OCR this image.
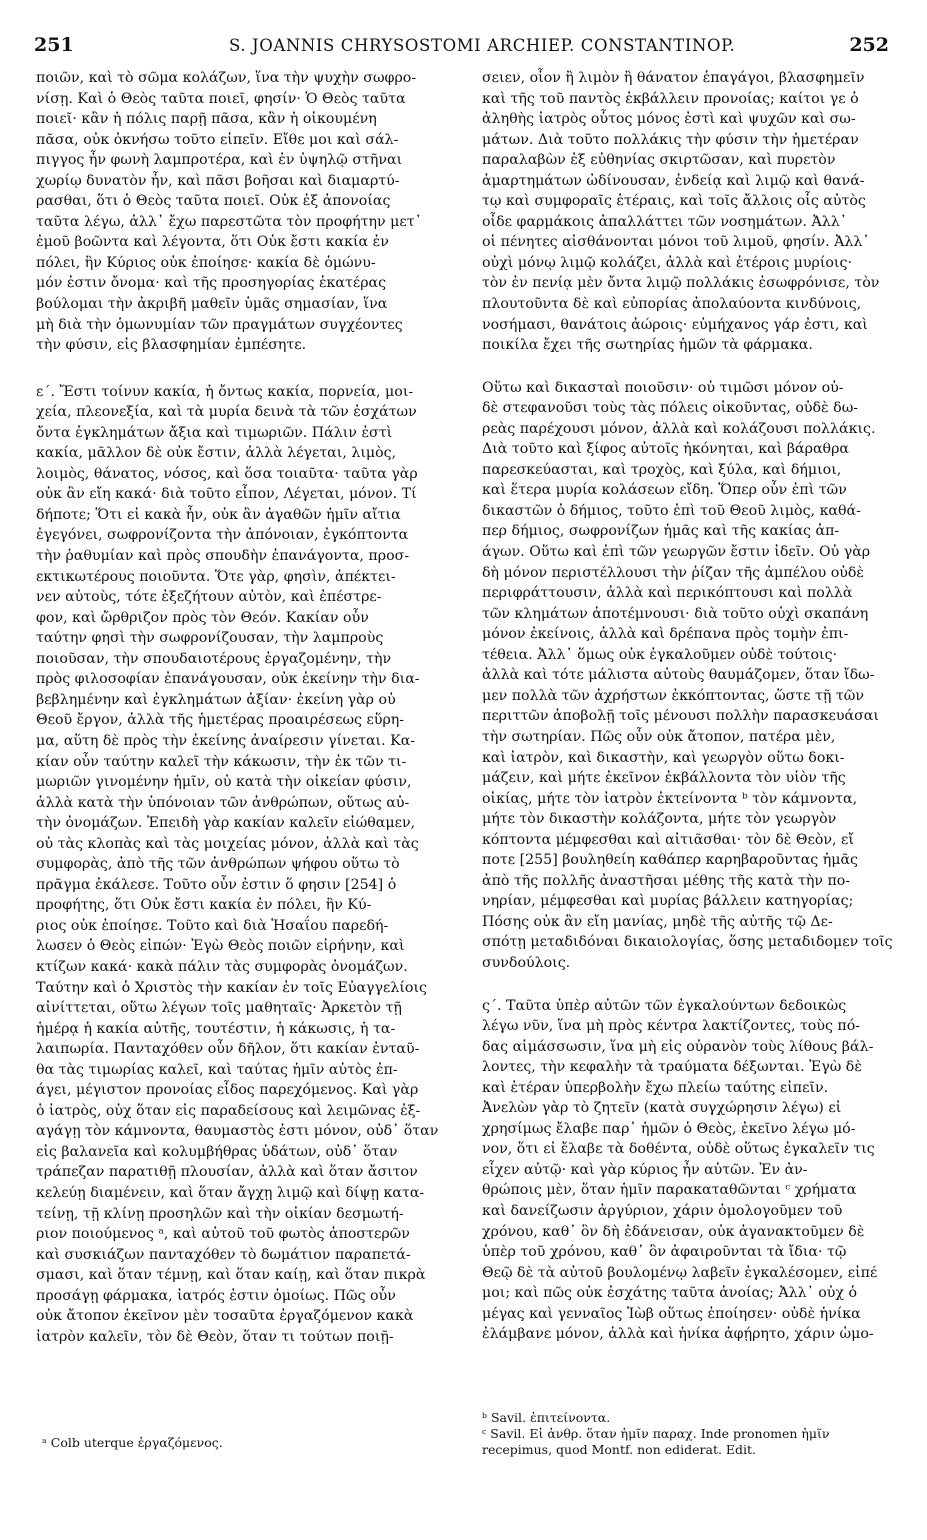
251	S. JOANNIS CHRYSOSTOMI ARCHIEP. CONSTANTINOP.	252

ποιῶν, καὶ τὸ σῶμα κολάζων, ἵνα τὴν ψυχὴν σωφρο-
νίσῃ. Καὶ ὁ Θεὸς ταῦτα ποιεῖ, φησίν· Ὁ Θεὸς ταῦτα
ποιεῖ· κἂν ἡ πόλις παρῇ πᾶσα, κἂν ἡ οἰκουμένη
πᾶσα, οὐκ ὀκνήσω τοῦτο εἰπεῖν. Εἴθε μοι καὶ σάλ-
πιγγος ἦν φωνὴ λαμπροτέρα, καὶ ἐν ὑψηλῷ στῆναι
χωρίῳ δυνατὸν ἦν, καὶ πᾶσι βοῆσαι καὶ διαμαρτύ-
ρασθαι, ὅτι ὁ Θεὸς ταῦτα ποιεῖ. Οὐκ ἐξ ἀπονοίας
ταῦτα λέγω, ἀλλ᾽ ἔχω παρεστῶτα τὸν προφήτην μετ᾽
ἐμοῦ βοῶντα καὶ λέγοντα, ὅτι Οὐκ ἔστι κακία ἐν
πόλει, ἣν Κύριος οὐκ ἐποίησε· κακία δὲ ὁμώνυ-
μόν ἐστιν ὄνομα· καὶ τῆς προσηγορίας ἑκατέρας
βούλομαι τὴν ἀκριβῆ μαθεῖν ὑμᾶς σημασίαν, ἵνα
μὴ διὰ τὴν ὁμωνυμίαν τῶν πραγμάτων συγχέοντες
τὴν φύσιν, εἰς βλασφημίαν ἐμπέσητε.

ε΄. Ἔστι τοίνυν κακία, ἡ ὄντως κακία, πορνεία, μοι-
χεία, πλεονεξία, καὶ τὰ μυρία δεινὰ τὰ τῶν ἐσχάτων
ὄντα ἐγκλημάτων ἄξια καὶ τιμωριῶν. Πάλιν ἐστὶ
κακία, μᾶλλον δὲ οὐκ ἔστιν, ἀλλὰ λέγεται, λιμὸς,
λοιμὸς, θάνατος, νόσος, καὶ ὅσα τοιαῦτα· ταῦτα γὰρ
οὐκ ἂν εἴη κακά· διὰ τοῦτο εἶπον, Λέγεται, μόνον. Τί
δήποτε; Ὅτι εἰ κακὰ ἦν, οὐκ ἂν ἀγαθῶν ἡμῖν αἴτια
ἐγεγόνει, σωφρονίζοντα τὴν ἀπόνοιαν, ἐγκόπτοντα
τὴν ῥαθυμίαν καὶ πρὸς σπουδὴν ἐπανάγοντα, προσ-
εκτικωτέρους ποιοῦντα. Ὅτε γὰρ, φησὶν, ἀπέκτει-
νεν αὐτοὺς, τότε ἐξεζήτουν αὐτὸν, καὶ ἐπέστρε-
φον, καὶ ὤρθριζον πρὸς τὸν Θεόν. Κακίαν οὖν
ταύτην φησὶ τὴν σωφρονίζουσαν, τὴν λαμπροὺς
ποιοῦσαν, τὴν σπουδαιοτέρους ἐργαζομένην, τὴν
πρὸς φιλοσοφίαν ἐπανάγουσαν, οὐκ ἐκείνην τὴν δια-
βεβλημένην καὶ ἐγκλημάτων ἀξίαν· ἐκείνη γὰρ οὐ
Θεοῦ ἔργον, ἀλλὰ τῆς ἡμετέρας προαιρέσεως εὕρη-
μα, αὕτη δὲ πρὸς τὴν ἐκείνης ἀναίρεσιν γίνεται. Κα-
κίαν οὖν ταύτην καλεῖ τὴν κάκωσιν, τὴν ἐκ τῶν τι-
μωριῶν γινομένην ἡμῖν, οὐ κατὰ τὴν οἰκείαν φύσιν,
ἀλλὰ κατὰ τὴν ὑπόνοιαν τῶν ἀνθρώπων, οὕτως αὐ-
τὴν ὀνομάζων. Ἐπειδὴ γὰρ κακίαν καλεῖν εἰώθαμεν,
οὐ τὰς κλοπὰς καὶ τὰς μοιχείας μόνον, ἀλλὰ καὶ τὰς
συμφορὰς, ἀπὸ τῆς τῶν ἀνθρώπων ψήφου οὕτω τὸ
πρᾶγμα ἐκάλεσε. Τοῦτο οὖν ἐστιν ὅ φησιν [254] ὁ
προφήτης, ὅτι Οὐκ ἔστι κακία ἐν πόλει, ἣν Κύ-
ριος οὐκ ἐποίησε. Τοῦτο καὶ διὰ Ἡσαΐου παρεδή-
λωσεν ὁ Θεὸς εἰπών· Ἐγὼ Θεὸς ποιῶν εἰρήνην, καὶ
κτίζων κακά· κακὰ πάλιν τὰς συμφορὰς ὀνομάζων.
Ταύτην καὶ ὁ Χριστὸς τὴν κακίαν ἐν τοῖς Εὐαγγελίοις
αἰνίττεται, οὕτω λέγων τοῖς μαθηταῖς· Ἀρκετὸν τῇ
ἡμέρᾳ ἡ κακία αὐτῆς, τουτέστιν, ἡ κάκωσις, ἡ τα-
λαιπωρία. Πανταχόθεν οὖν δῆλον, ὅτι κακίαν ἐνταῦ-
θα τὰς τιμωρίας καλεῖ, καὶ ταύτας ἡμῖν αὐτὸς ἐπ-
άγει, μέγιστον προνοίας εἶδος παρεχόμενος. Καὶ γὰρ
ὁ ἰατρὸς, οὐχ ὅταν εἰς παραδείσους καὶ λειμῶνας ἐξ-
αγάγῃ τὸν κάμνοντα, θαυμαστὸς ἐστι μόνον, οὐδ᾽ ὅταν
εἰς βαλανεῖα καὶ κολυμβήθρας ὑδάτων, οὐδ᾽ ὅταν
τράπεζαν παρατιθῇ πλουσίαν, ἀλλὰ καὶ ὅταν ἄσιτον
κελεύῃ διαμένειν, καὶ ὅταν ἄγχῃ λιμῷ καὶ δίψῃ κατα-
τείνῃ, τῇ κλίνῃ προσηλῶν καὶ τὴν οἰκίαν δεσμωτή-
ριον ποιούμενος ᵃ, καὶ αὐτοῦ τοῦ φωτὸς ἀποστερῶν
καὶ συσκιάζων πανταχόθεν τὸ δωμάτιον παραπετά-
σμασι, καὶ ὅταν τέμνῃ, καὶ ὅταν καίῃ, καὶ ὅταν πικρὰ
προσάγῃ φάρμακα, ἰατρός ἐστιν ὁμοίως. Πῶς οὖν
οὐκ ἄτοπον ἐκεῖνον μὲν τοσαῦτα ἐργαζόμενον κακὰ
ἰατρὸν καλεῖν, τὸν δὲ Θεὸν, ὅταν τι τούτων ποιῇ-

σειεν, οἷον ἢ λιμὸν ἢ θάνατον ἐπαγάγοι, βλασφημεῖν
καὶ τῆς τοῦ παντὸς ἐκβάλλειν προνοίας; καίτοι γε ὁ
ἀληθὴς ἰατρὸς οὗτος μόνος ἐστὶ καὶ ψυχῶν καὶ σω-
μάτων. Διὰ τοῦτο πολλάκις τὴν φύσιν τὴν ἡμετέραν
παραλαβὼν ἐξ εὐθηνίας σκιρτῶσαν, καὶ πυρετὸν
ἁμαρτημάτων ὠδίνουσαν, ἐνδείᾳ καὶ λιμῷ καὶ θανά-
τῳ καὶ συμφοραῖς ἑτέραις, καὶ τοῖς ἄλλοις οἷς αὐτὸς
οἶδε φαρμάκοις ἀπαλλάττει τῶν νοσημάτων. Ἀλλ᾽
οἱ πένητες αἰσθάνονται μόνοι τοῦ λιμοῦ, φησίν. Ἀλλ᾽
οὐχὶ μόνῳ λιμῷ κολάζει, ἀλλὰ καὶ ἑτέροις μυρίοις·
τὸν ἐν πενίᾳ μὲν ὄντα λιμῷ πολλάκις ἐσωφρόνισε, τὸν
πλουτοῦντα δὲ καὶ εὐπορίας ἀπολαύοντα κινδύνοις,
νοσήμασι, θανάτοις ἀώροις· εὐμήχανος γάρ ἐστι, καὶ
ποικίλα ἔχει τῆς σωτηρίας ἡμῶν τὰ φάρμακα.

Οὕτω καὶ δικασταὶ ποιοῦσιν· οὐ τιμῶσι μόνον οὐ-
δὲ στεφανοῦσι τοὺς τὰς πόλεις οἰκοῦντας, οὐδὲ δω-
ρεὰς παρέχουσι μόνον, ἀλλὰ καὶ κολάζουσι πολλάκις.
Διὰ τοῦτο καὶ ξίφος αὐτοῖς ἠκόνηται, καὶ βάραθρα
παρεσκεύασται, καὶ τροχὸς, καὶ ξύλα, καὶ δήμιοι,
καὶ ἕτερα μυρία κολάσεων εἴδη. Ὅπερ οὖν ἐπὶ τῶν
δικαστῶν ὁ δήμιος, τοῦτο ἐπὶ τοῦ Θεοῦ λιμὸς, καθά-
περ δήμιος, σωφρονίζων ἡμᾶς καὶ τῆς κακίας ἀπ-
άγων. Οὕτω καὶ ἐπὶ τῶν γεωργῶν ἔστιν ἰδεῖν. Οὐ γὰρ
δὴ μόνον περιστέλλουσι τὴν ῥίζαν τῆς ἀμπέλου οὐδὲ
περιφράττουσιν, ἀλλὰ καὶ περικόπτουσι καὶ πολλὰ
τῶν κλημάτων ἀποτέμνουσι· διὰ τοῦτο οὐχὶ σκαπάνη
μόνον ἐκείνοις, ἀλλὰ καὶ δρέπανα πρὸς τομὴν ἐπι-
τέθεια. Ἀλλ᾽ ὅμως οὐκ ἐγκαλοῦμεν οὐδὲ τούτοις·
ἀλλὰ καὶ τότε μάλιστα αὐτοὺς θαυμάζομεν, ὅταν ἴδω-
μεν πολλὰ τῶν ἀχρήστων ἐκκόπτοντας, ὥστε τῇ τῶν
περιττῶν ἀποβολῇ τοῖς μένουσι πολλὴν παρασκευάσαι
τὴν σωτηρίαν. Πῶς οὖν οὐκ ἄτοπον, πατέρα μὲν,
καὶ ἰατρὸν, καὶ δικαστὴν, καὶ γεωργὸν οὕτω δοκι-
μάζειν, καὶ μήτε ἐκεῖνον ἐκβάλλοντα τὸν υἱὸν τῆς
οἰκίας, μήτε τὸν ἰατρὸν ἐκτείνοντα ᵇ τὸν κάμνοντα,
μήτε τὸν δικαστὴν κολάζοντα, μήτε τὸν γεωργὸν
κόπτοντα μέμφεσθαι καὶ αἰτιᾶσθαι· τὸν δὲ Θεὸν, εἴ
ποτε [255] βουληθείη καθάπερ καρηβαροῦντας ἡμᾶς
ἀπὸ τῆς πολλῆς ἀναστῆσαι μέθης τῆς κατὰ τὴν πο-
νηρίαν, μέμφεσθαι καὶ μυρίας βάλλειν κατηγορίας;
Πόσης οὐκ ἂν εἴη μανίας, μηδὲ τῆς αὐτῆς τῷ Δε-
σπότῃ μεταδιδόναι δικαιολογίας, ὅσης μεταδιδομεν τοῖς
συνδούλοις.

ς΄. Ταῦτα ὑπὲρ αὐτῶν τῶν ἐγκαλούντων δεδοικὼς
λέγω νῦν, ἵνα μὴ πρὸς κέντρα λακτίζοντες, τοὺς πό-
δας αἱμάσσωσιν, ἵνα μὴ εἰς οὐρανὸν τοὺς λίθους βάλ-
λοντες, τὴν κεφαλὴν τὰ τραύματα δέξωνται. Ἐγὼ δὲ
καὶ ἑτέραν ὑπερβολὴν ἔχω πλείω ταύτης εἰπεῖν.
Ἀνελὼν γὰρ τὸ ζητεῖν (κατὰ συγχώρησιν λέγω) εἰ
χρησίμως ἔλαβε παρ᾽ ἡμῶν ὁ Θεὸς, ἐκεῖνο λέγω μό-
νον, ὅτι εἰ ἔλαβε τὰ δοθέντα, οὐδὲ οὕτως ἐγκαλεῖν τις
εἶχεν αὐτῷ· καὶ γὰρ κύριος ἦν αὐτῶν. Ἐν ἀν-
θρώποις μὲν, ὅταν ἡμῖν παρακαταθῶνται ᶜ χρήματα
καὶ δανείζωσιν ἀργύριον, χάριν ὁμολογοῦμεν τοῦ
χρόνου, καθ᾽ ὃν δὴ ἐδάνεισαν, οὐκ ἀγανακτοῦμεν δὲ
ὑπὲρ τοῦ χρόνου, καθ᾽ ὃν ἀφαιροῦνται τὰ ἴδια· τῷ
Θεῷ δὲ τὰ αὐτοῦ βουλομένῳ λαβεῖν ἐγκαλέσομεν, εἰπέ
μοι; καὶ πῶς οὐκ ἐσχάτης ταῦτα ἀνοίας; Ἀλλ᾽ οὐχ ὁ
μέγας καὶ γενναῖος Ἰὼβ οὕτως ἐποίησεν· οὐδὲ ἡνίκα
ἐλάμβανε μόνον, ἀλλὰ καὶ ἡνίκα ἀφῄρητο, χάριν ὡμο-

ᵃ Colb uterque ἐργαζόμενος.

ᵇ Savil. ἐπιτείνοντα.

ᶜ Savil. Εἰ ἀνθρ. ὅταν ἡμῖν παραχ. Inde pronomen ἡμῖν recepimus, quod Montf. non ediderat. Edit.
